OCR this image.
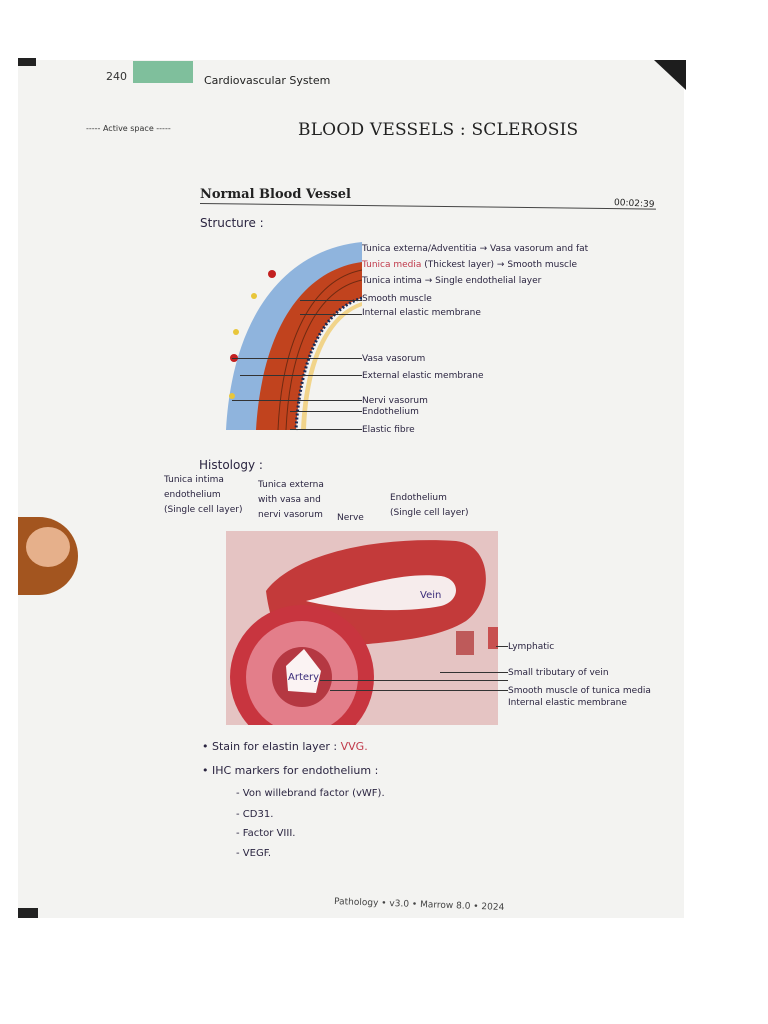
240	Cardiovascular System
----- Active space -----	BLOOD VESSELS : SCLEROSIS
Normal Blood Vessel
00:02:39
Structure :
Tunica externa/Adventitia → Vasa vasorum and fat
Tunica media (Thickest layer) → Smooth muscle
Tunica intima → Single endothelial layer
Smooth muscle
Internal elastic membrane
Vasa vasorum
External elastic membrane
Nervi vasorum
Endothelium
Elastic fibre
Histology :
Tunica intima
endothelium
(Single cell layer)
Tunica externa
with vasa and
nervi vasorum Nerve
Endothelium
(Single cell layer)
Vein
Artery
Lymphatic
Small tributary of vein
Smooth muscle of tunica media
Internal elastic membrane
• Stain for elastin layer : VVG.
• IHC markers for endothelium :
- Von willebrand factor (vWF).
- CD31.
- Factor VIII.
- VEGF.
Pathology • v3.0 • Marrow 8.0 • 2024
